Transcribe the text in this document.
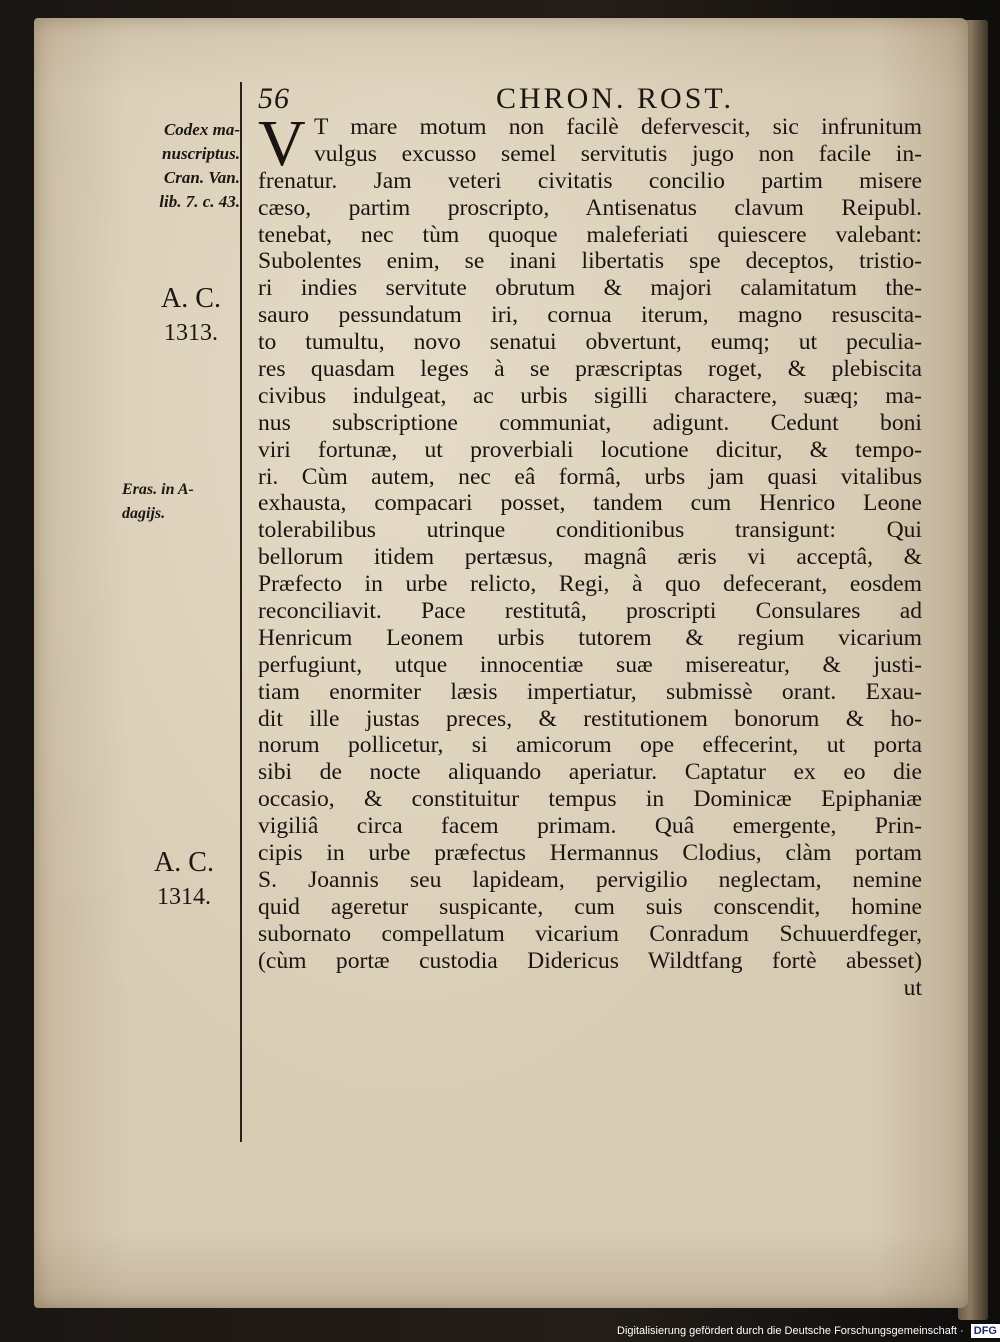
56	CHRON. ROST.
Codex ma-
nuscriptus.
Cran. Van.
lib. 7. c. 43.
A. C.
1313.
Eras. in A-
dagijs.
A. C.
1314.
V T mare motum non facilè defervescit, sic infrunitum
vulgus excusso semel servitutis jugo non facile in-
frenatur. Jam veteri civitatis concilio partim misere
cæso, partim proscripto, Antisenatus clavum Reipubl.
tenebat, nec tùm quoque maleferiati quiescere valebant:
Subolentes enim, se inani libertatis spe deceptos, tristio-
ri indies servitute obrutum & majori calamitatum the-
sauro pessundatum iri, cornua iterum, magno resuscita-
to tumultu, novo senatui obvertunt, eumq; ut peculia-
res quasdam leges à se præscriptas roget, & plebiscita
civibus indulgeat, ac urbis sigilli charactere, suæq; ma-
nus subscriptione communiat, adigunt. Cedunt boni
viri fortunæ, ut proverbiali locutione dicitur, & tempo-
ri. Cùm autem, nec eâ formâ, urbs jam quasi vitalibus
exhausta, compacari posset, tandem cum Henrico Leone
tolerabilibus utrinque conditionibus transigunt: Qui
bellorum itidem pertæsus, magnâ æris vi acceptâ, &
Præfecto in urbe relicto, Regi, à quo defecerant, eosdem
reconciliavit. Pace restitutâ, proscripti Consulares ad
Henricum Leonem urbis tutorem & regium vicarium
perfugiunt, utque innocentiæ suæ misereatur, & justi-
tiam enormiter læsis impertiatur, submissè orant. Exau-
dit ille justas preces, & restitutionem bonorum & ho-
norum pollicetur, si amicorum ope effecerint, ut porta
sibi de nocte aliquando aperiatur. Captatur ex eo die
occasio, & constituitur tempus in Dominicæ Epiphaniæ
vigiliâ circa facem primam. Quâ emergente, Prin-
cipis in urbe præfectus Hermannus Clodius, clàm portam
S. Joannis seu lapideam, pervigilio neglectam, nemine
quid ageretur suspicante, cum suis conscendit, homine
subornato compellatum vicarium Conradum Schuuerdfeger,
(cùm portæ custodia Didericus Wildtfang fortè abesset)
ut
Digitalisierung gefördert durch die Deutsche Forschungsgemeinschaft · DFG
